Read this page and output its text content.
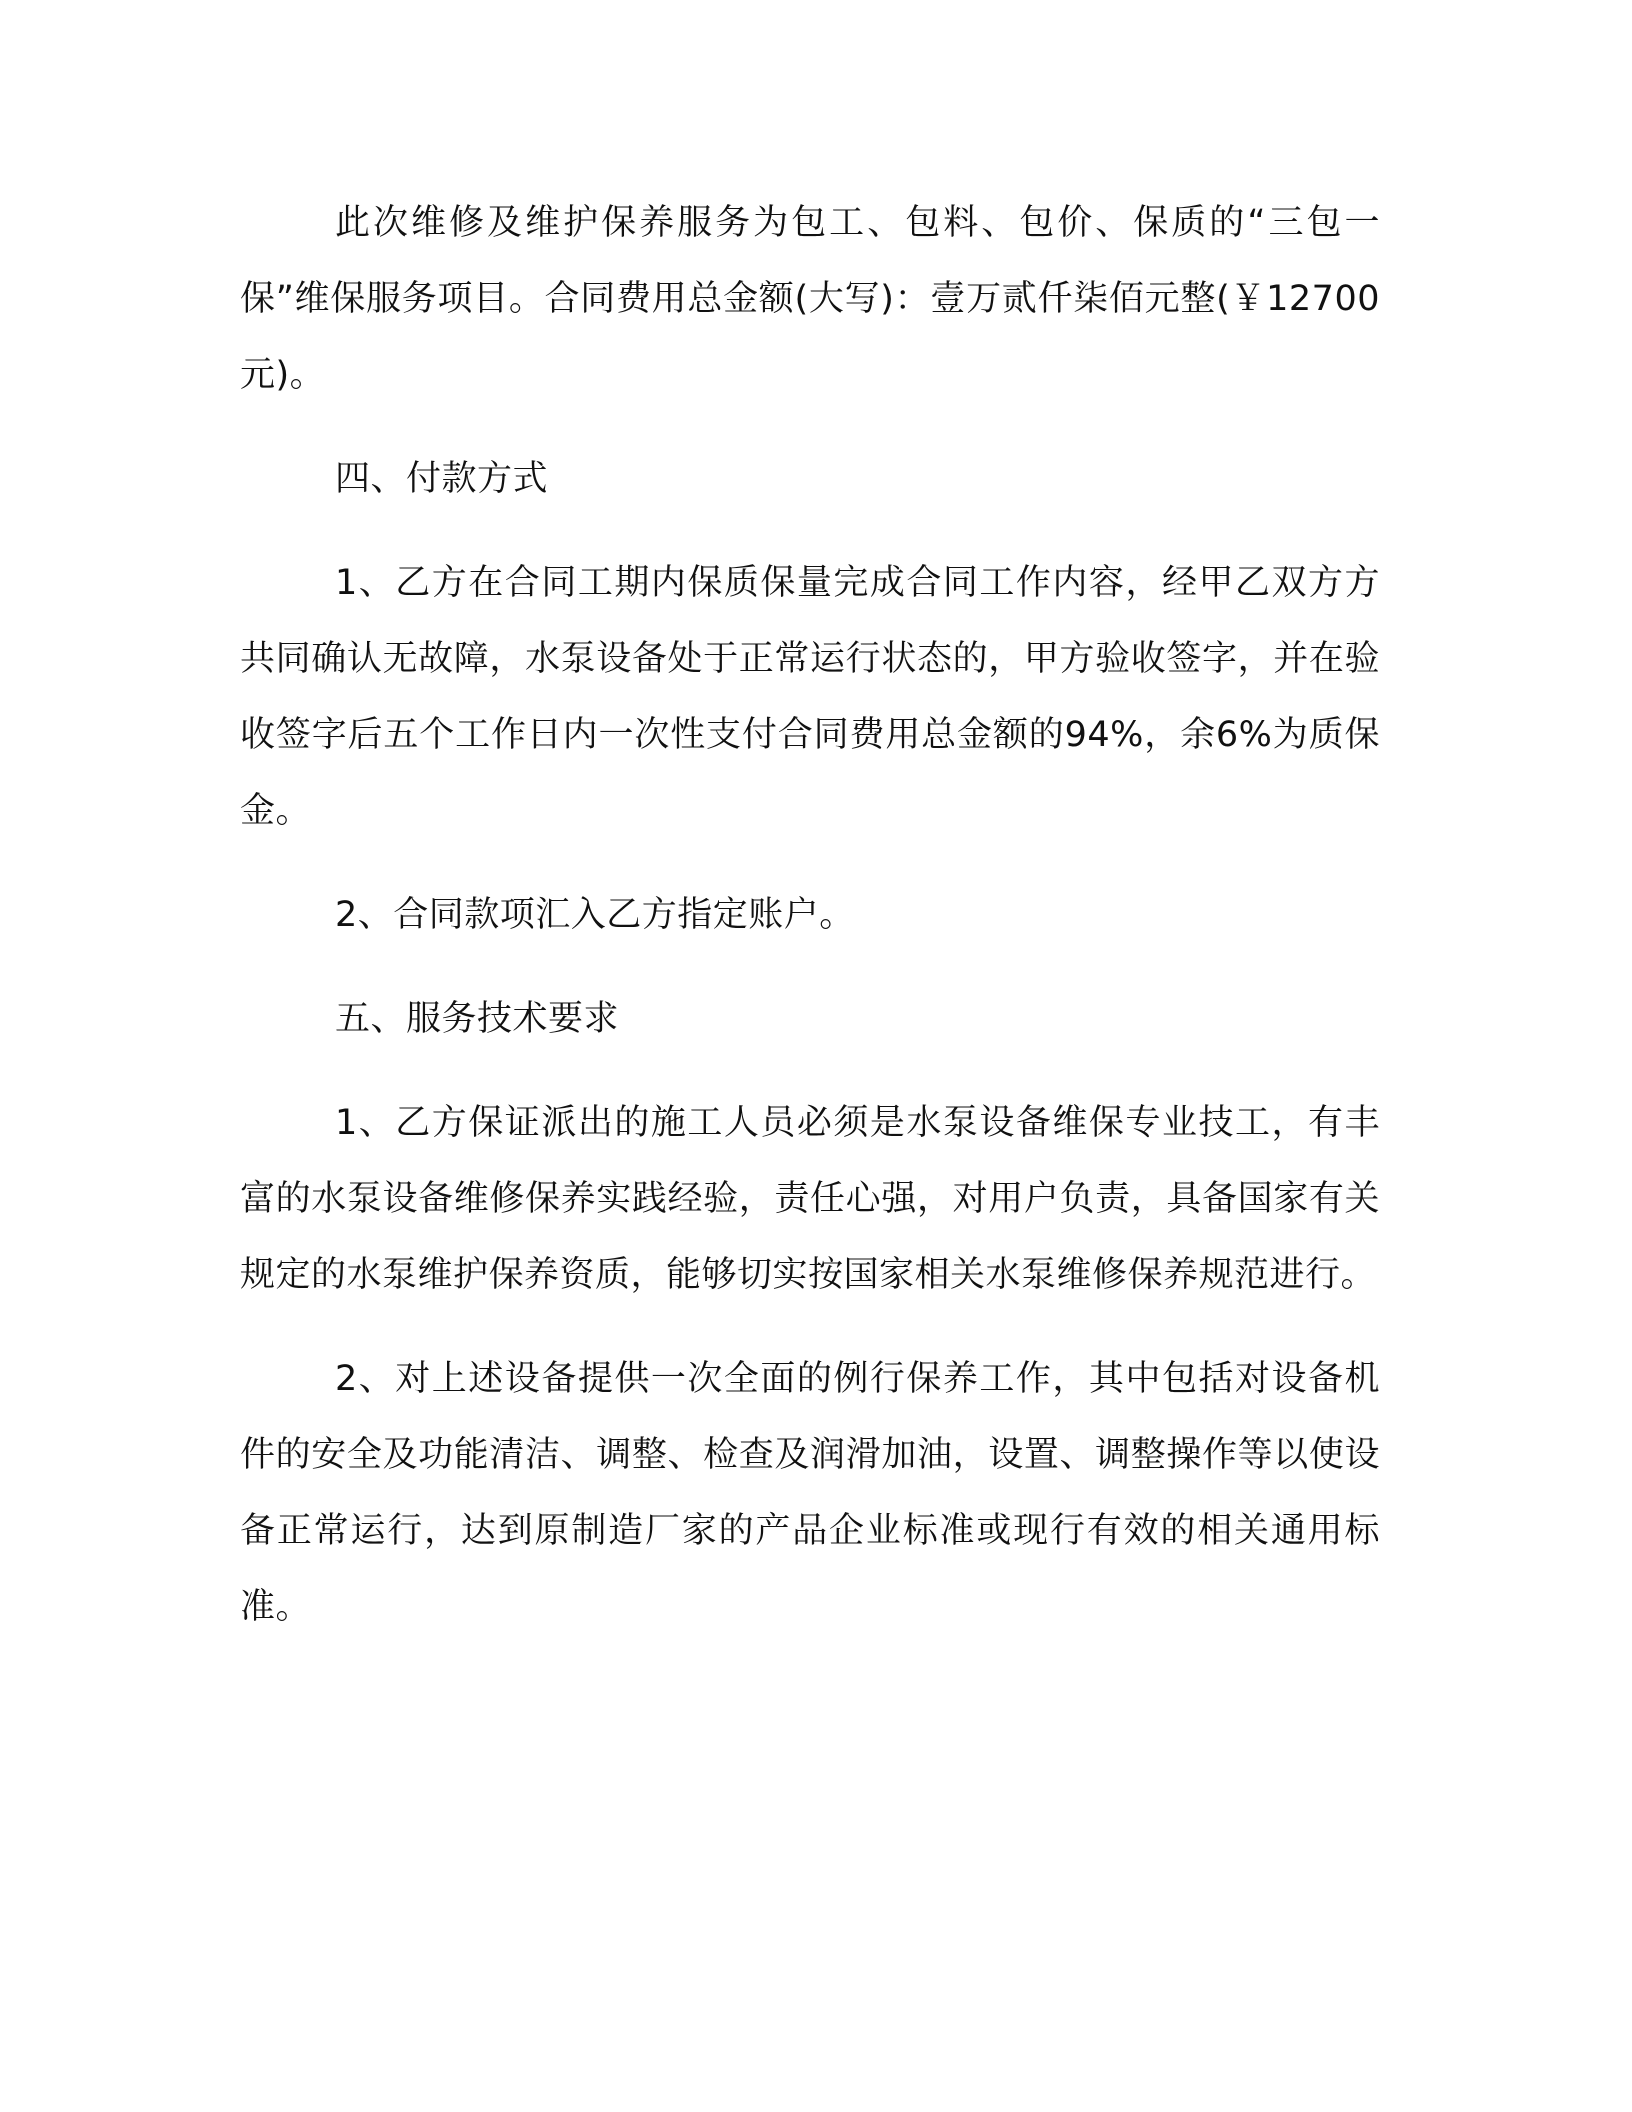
此次维修及维护保养服务为包工、包料、包价、保质的“三包一保”维保服务项目。合同费用总金额(大写)：壹万贰仟柒佰元整(￥12700元)。

四、付款方式

1、乙方在合同工期内保质保量完成合同工作内容，经甲乙双方方共同确认无故障，水泵设备处于正常运行状态的，甲方验收签字，并在验收签字后五个工作日内一次性支付合同费用总金额的94%，余6%为质保金。

2、合同款项汇入乙方指定账户。

五、服务技术要求

1、乙方保证派出的施工人员必须是水泵设备维保专业技工，有丰富的水泵设备维修保养实践经验，责任心强，对用户负责，具备国家有关规定的水泵维护保养资质，能够切实按国家相关水泵维修保养规范进行。

2、对上述设备提供一次全面的例行保养工作，其中包括对设备机件的安全及功能清洁、调整、检查及润滑加油，设置、调整操作等以使设备正常运行，达到原制造厂家的产品企业标准或现行有效的相关通用标准。
